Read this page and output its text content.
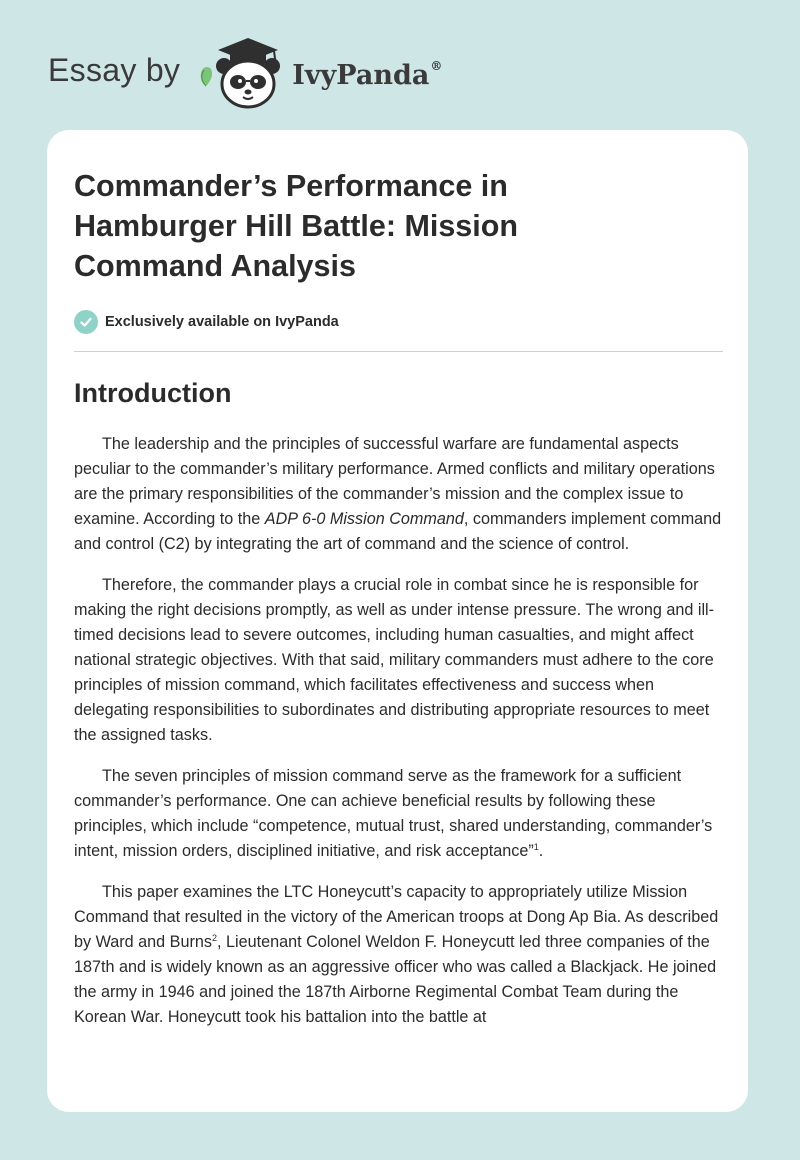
Essay by	IvyPanda®
Commander’s Performance in Hamburger Hill Battle: Mission Command Analysis
Exclusively available on IvyPanda
Introduction

The leadership and the principles of successful warfare are fundamental aspects peculiar to the commander’s military performance. Armed conflicts and military operations are the primary responsibilities of the commander’s mission and the complex issue to examine. According to the ADP 6-0 Mission Command, commanders implement command and control (C2) by integrating the art of command and the science of control.

Therefore, the commander plays a crucial role in combat since he is responsible for making the right decisions promptly, as well as under intense pressure. The wrong and ill-timed decisions lead to severe outcomes, including human casualties, and might affect national strategic objectives. With that said, military commanders must adhere to the core principles of mission command, which facilitates effectiveness and success when delegating responsibilities to subordinates and distributing appropriate resources to meet the assigned tasks.

The seven principles of mission command serve as the framework for a sufficient commander’s performance. One can achieve beneficial results by following these principles, which include “competence, mutual trust, shared understanding, commander’s intent, mission orders, disciplined initiative, and risk acceptance”$^1$.

This paper examines the LTC Honeycutt’s capacity to appropriately utilize Mission Command that resulted in the victory of the American troops at Dong Ap Bia. As described by Ward and Burns$^2$, Lieutenant Colonel Weldon F. Honeycutt led three companies of the 187th and is widely known as an aggressive officer who was called a Blackjack. He joined the army in 1946 and joined the 187th Airborne Regimental Combat Team during the Korean War. Honeycutt took his battalion into the battle at
